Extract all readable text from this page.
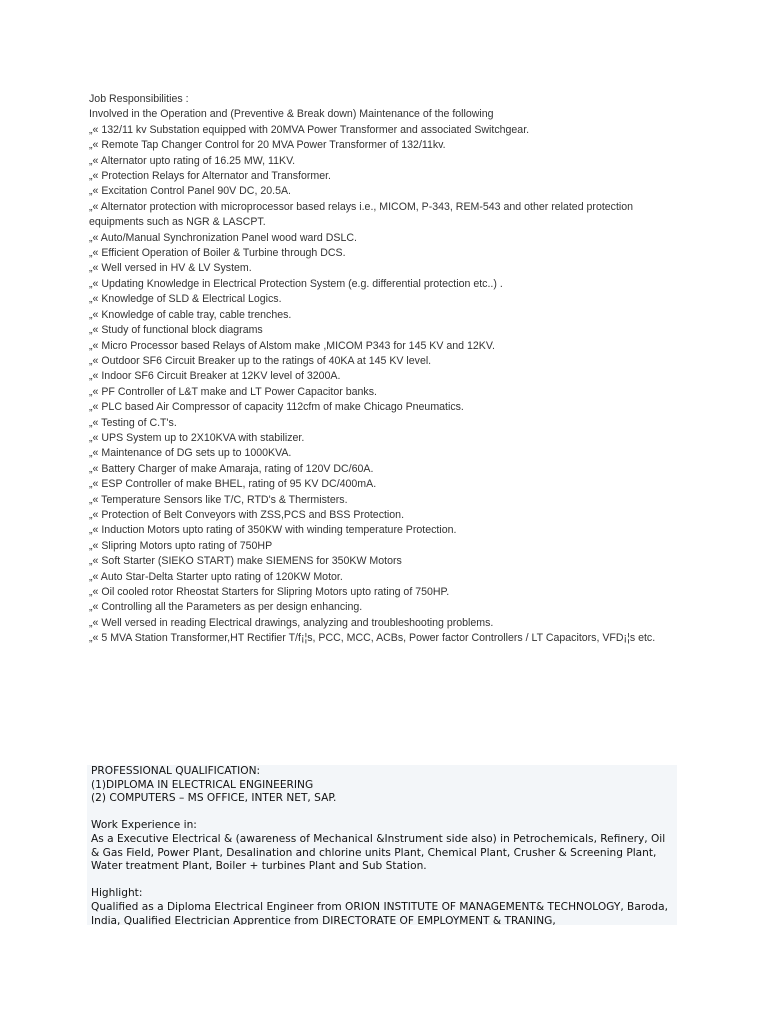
Job Responsibilities :
Involved in the Operation and (Preventive & Break down) Maintenance of the following
„« 132/11 kv Substation equipped with 20MVA Power Transformer and associated Switchgear.
„« Remote Tap Changer Control for 20 MVA Power Transformer of 132/11kv.
„« Alternator upto rating of 16.25 MW, 11KV.
„« Protection Relays for Alternator and Transformer.
„« Excitation Control Panel 90V DC, 20.5A.
„« Alternator protection with microprocessor based relays i.e., MICOM, P-343, REM-543 and other related protection equipments such as NGR & LASCPT.
„« Auto/Manual Synchronization Panel wood ward DSLC.
„« Efficient Operation of Boiler & Turbine through DCS.
„« Well versed in HV & LV System.
„« Updating Knowledge in Electrical Protection System (e.g. differential protection etc..) .
„« Knowledge of SLD & Electrical Logics.
„« Knowledge of cable tray, cable trenches.
„« Study of functional block diagrams
„« Micro Processor based Relays of Alstom make ,MICOM P343 for 145 KV and 12KV.
„« Outdoor SF6 Circuit Breaker up to the ratings of 40KA at 145 KV level.
„« Indoor SF6 Circuit Breaker at 12KV level of 3200A.
„« PF Controller of L&T make and LT Power Capacitor banks.
„« PLC based Air Compressor of capacity 112cfm of make Chicago Pneumatics.
„« Testing of C.T's.
„« UPS System up to 2X10KVA with stabilizer.
„« Maintenance of DG sets up to 1000KVA.
„« Battery Charger of make Amaraja, rating of 120V DC/60A.
„« ESP Controller of make BHEL, rating of 95 KV DC/400mA.
„« Temperature Sensors like T/C, RTD's & Thermisters.
„« Protection of Belt Conveyors with ZSS,PCS and BSS Protection.
„« Induction Motors upto rating of 350KW with winding temperature Protection.
„« Slipring Motors upto rating of 750HP
„« Soft Starter (SIEKO START) make SIEMENS for 350KW Motors
„« Auto Star-Delta Starter upto rating of 120KW Motor.
„« Oil cooled rotor Rheostat Starters for Slipring Motors upto rating of 750HP.
„« Controlling all the Parameters as per design enhancing.
„« Well versed in reading Electrical drawings, analyzing and troubleshooting problems.
„« 5 MVA Station Transformer,HT Rectifier T/f¡¦s, PCC, MCC, ACBs, Power factor Controllers / LT Capacitors, VFD¡¦s etc.
PROFESSIONAL QUALIFICATION:
(1)DIPLOMA IN ELECTRICAL ENGINEERING
(2) COMPUTERS – MS OFFICE, INTER NET, SAP.
Work Experience in:
As a Executive Electrical & (awareness of Mechanical &Instrument side also) in Petrochemicals, Refinery, Oil & Gas Field, Power Plant, Desalination and chlorine units Plant, Chemical Plant, Crusher & Screening Plant, Water treatment Plant, Boiler + turbines Plant and Sub Station.
Highlight:
Qualified as a Diploma Electrical Engineer from ORION INSTITUTE OF MANAGEMENT& TECHNOLOGY, Baroda, India, Qualified Electrician Apprentice from DIRECTORATE OF EMPLOYMENT & TRANING,
